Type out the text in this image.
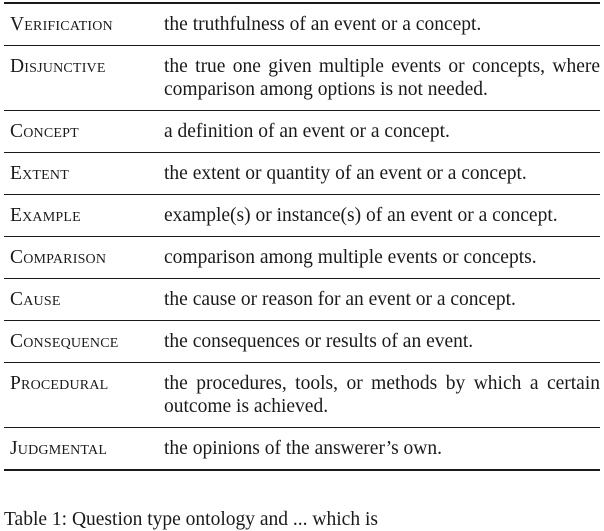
Verification	the truthfulness of an event or a concept.

Disjunctive	the true one given multiple events or concepts, where comparison among options is not needed.

Concept	a definition of an event or a concept.

Extent	the extent or quantity of an event or a concept.

Example	example(s) or instance(s) of an event or a concept.

Comparison	comparison among multiple events or concepts.

Cause	the cause or reason for an event or a concept.

Consequence	the consequences or results of an event.

Procedural	the procedures, tools, or methods by which a certain outcome is achieved.

Judgmental	the opinions of the answerer’s own.
Table 1: Question type ontology and ... which is
